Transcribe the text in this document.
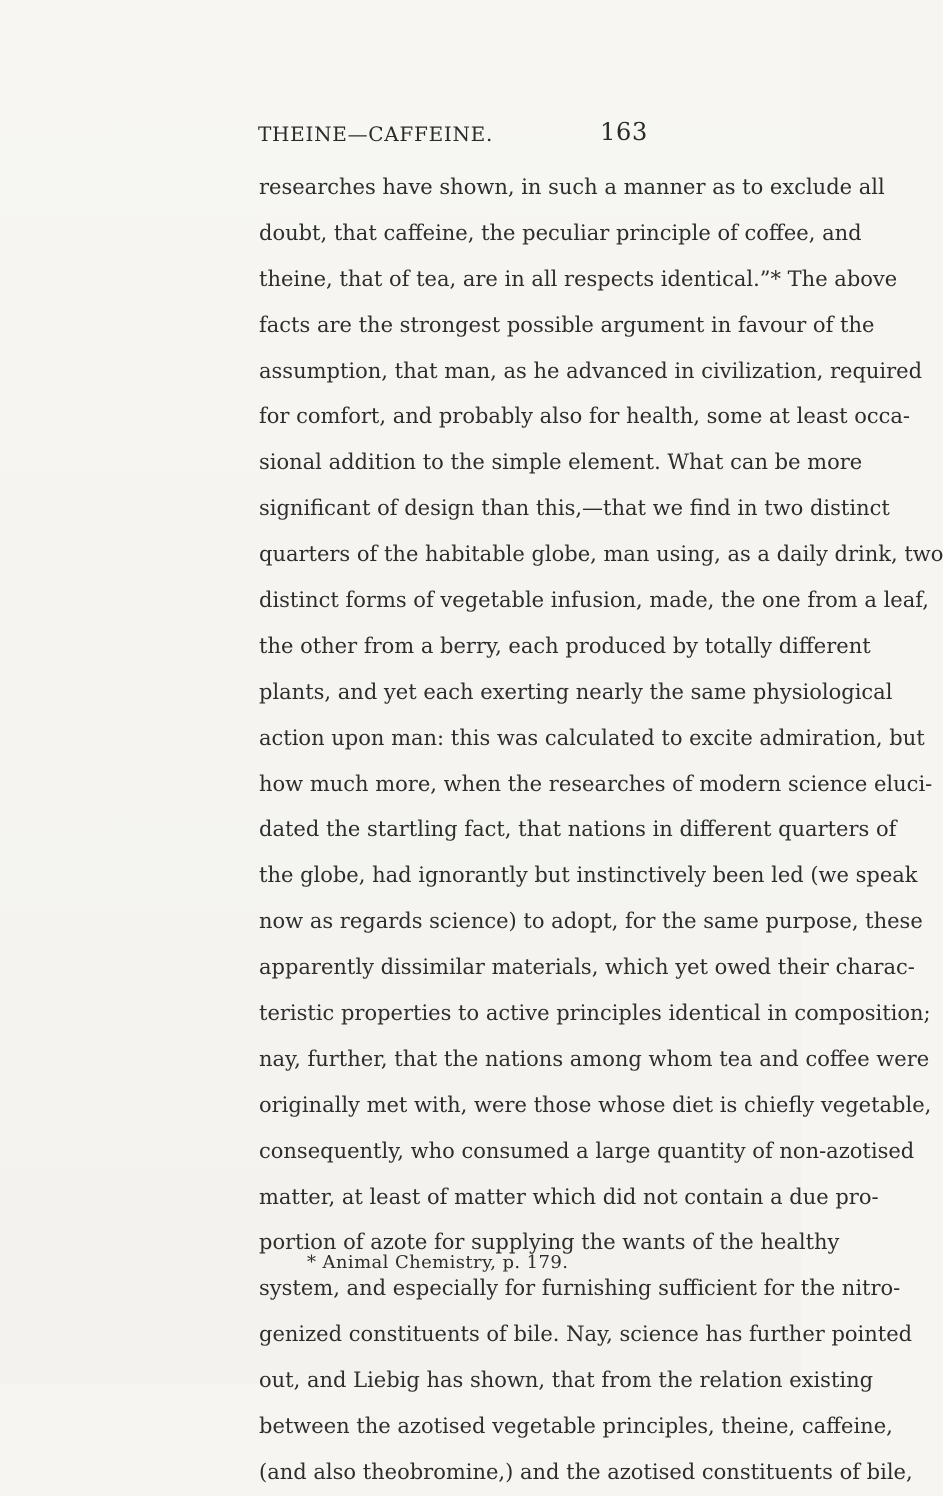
THEINE—CAFFEINE.	163
researches have shown, in such a manner as to exclude all
doubt, that caffeine, the peculiar principle of coffee, and
theine, that of tea, are in all respects identical.”* The above
facts are the strongest possible argument in favour of the
assumption, that man, as he advanced in civilization, required
for comfort, and probably also for health, some at least occa-
sional addition to the simple element. What can be more
significant of design than this,—that we find in two distinct
quarters of the habitable globe, man using, as a daily drink, two
distinct forms of vegetable infusion, made, the one from a leaf,
the other from a berry, each produced by totally different
plants, and yet each exerting nearly the same physiological
action upon man: this was calculated to excite admiration, but
how much more, when the researches of modern science eluci-
dated the startling fact, that nations in different quarters of
the globe, had ignorantly but instinctively been led (we speak
now as regards science) to adopt, for the same purpose, these
apparently dissimilar materials, which yet owed their charac-
teristic properties to active principles identical in composition;
nay, further, that the nations among whom tea and coffee were
originally met with, were those whose diet is chiefly vegetable,
consequently, who consumed a large quantity of non-azotised
matter, at least of matter which did not contain a due pro-
portion of azote for supplying the wants of the healthy
system, and especially for furnishing sufficient for the nitro-
genized constituents of bile. Nay, science has further pointed
out, and Liebig has shown, that from the relation existing
between the azotised vegetable principles, theine, caffeine,
(and also theobromine,) and the azotised constituents of bile,
* Animal Chemistry, p. 179.
